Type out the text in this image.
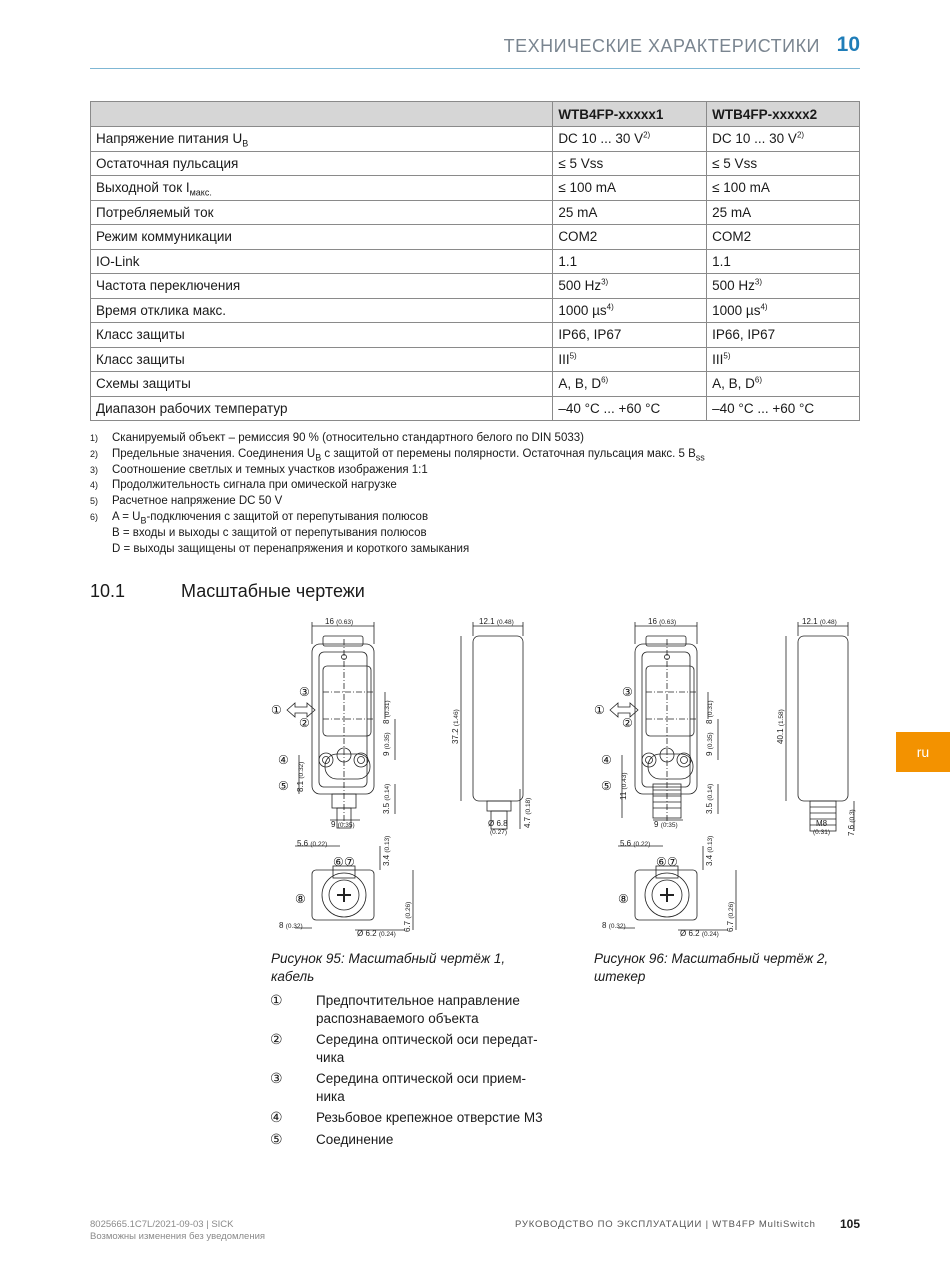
ТЕХНИЧЕСКИЕ ХАРАКТЕРИСТИКИ 10
	WTB4FP-xxxxx1	WTB4FP-xxxxx2
Напряжение питания $U_B$	DC 10 ... 30 $V^{2)}$	DC 10 ... 30 $V^{2)}$
Остаточная пульсация	≤ 5 Vss	≤ 5 Vss
Выходной ток $I_{макс.}$	≤ 100 mA	≤ 100 mA
Потребляемый ток	25 mA	25 mA
Режим коммуникации	COM2	COM2
IO-Link	1.1	1.1
Частота переключения	500 Hz$^{3)}$	500 Hz$^{3)}$
Время отклика макс.	1000 µs$^{4)}$	1000 µs$^{4)}$
Класс защиты	IP66, IP67	IP66, IP67
Класс защиты	III$^{5)}$	III$^{5)}$
Схемы защиты	A, B, $D^{6)}$	A, B, $D^{6)}$
Диапазон рабочих температур	–40 °C ... +60 °C	–40 °C ... +60 °C
1)	Сканируемый объект – ремиссия 90 % (относительно стандартного белого по DIN 5033)
2)	Предельные значения. Соединения $U_B$ с защитой от перемены полярности. Остаточная пульсация макс. 5 $B_{ss}$
3)	Соотношение светлых и темных участков изображения 1:1
4)	Продолжительность сигнала при омической нагрузке
5)	Расчетное напряжение DC 50 V
6)	$A = U_B$-подключения с защитой от перепутывания полюсов
B = входы и выходы с защитой от перепутывания полюсов
D = выходы защищены от перенапряжения и короткого замыкания
10.1	Масштабные чертежи
16 (0.63)	12.1 (0.48)
37.2 (1.46)
8 (0.31)
9 (0.35)
8.1 (0.32)
3.5 (0.14)
9 (0.35)	4.7 (0.18)
Ø 6.8
(0.27)
5.6 (0.22)
3.4 (0.13)
6.7 (0.26)
8 (0.32)
Ø 6.2 (0.24)
③
①
②
④
⑤
⑥ ⑦
⑧
16 (0.63)	12.1 (0.48)
40.1 (1.58)
8 (0.31)
9 (0.35)
11 (0.43)
3.5 (0.14)
9 (0.35)	7.6 (0.3)
M8
(0.31)
5.6 (0.22)
3.4 (0.13)
6.7 (0.26)
8 (0.32)
Ø 6.2 (0.24)
③
①
②
④
⑤
⑥ ⑦
⑧
Рисунок 95: Масштабный чертёж 1, кабель
Рисунок 96: Масштабный чертёж 2, штекер
①	Предпочтительное направление распознаваемого объекта
②	Середина оптической оси передат-чика
③	Середина оптической оси прием-ника
④	Резьбовое крепежное отверстие M3
⑤	Соединение
ru
8025665.1C7L/2021-09-03 | SICK
Возможны изменения без уведомления
РУКОВОДСТВО ПО ЭКСПЛУАТАЦИИ | WTB4FP MultiSwitch 105
